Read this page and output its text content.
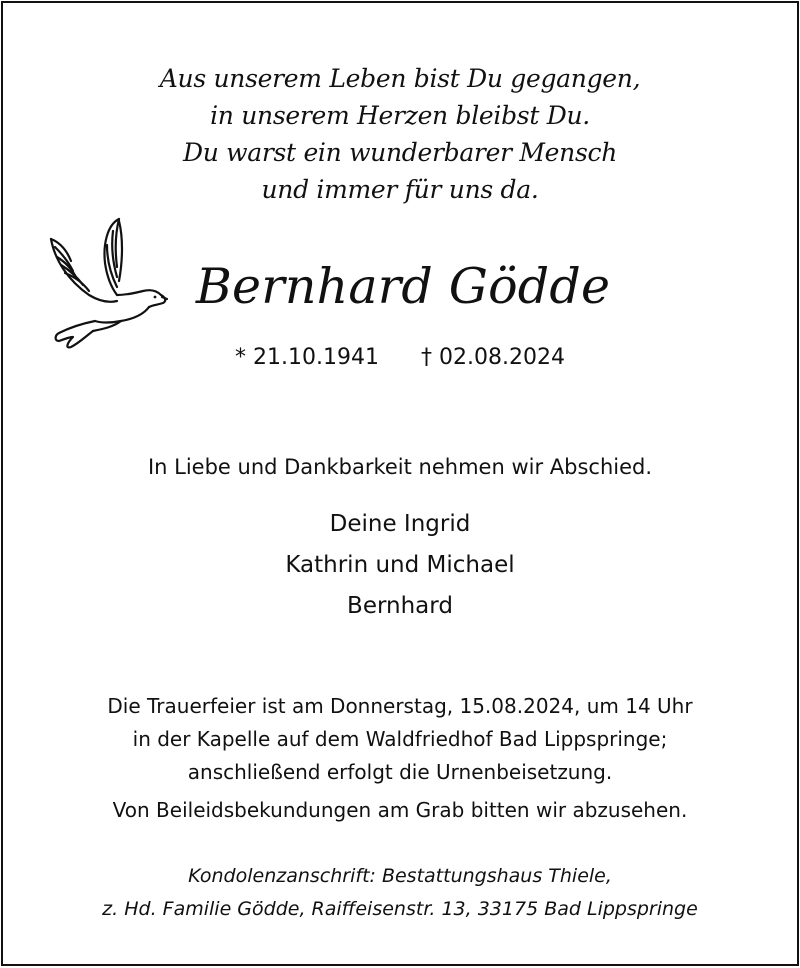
Aus unserem Leben bist Du gegangen,
in unserem Herzen bleibst Du.
Du warst ein wunderbarer Mensch
und immer für uns da.
Bernhard Gödde
* 21.10.1941 † 02.08.2024
In Liebe und Dankbarkeit nehmen wir Abschied.
Deine Ingrid
Kathrin und Michael
Bernhard
Die Trauerfeier ist am Donnerstag, 15.08.2024, um 14 Uhr
in der Kapelle auf dem Waldfriedhof Bad Lippspringe;
anschließend erfolgt die Urnenbeisetzung.
Von Beileidsbekundungen am Grab bitten wir abzusehen.
Kondolenzanschrift: Bestattungshaus Thiele,
z. Hd. Familie Gödde, Raiffeisenstr. 13, 33175 Bad Lippspringe
